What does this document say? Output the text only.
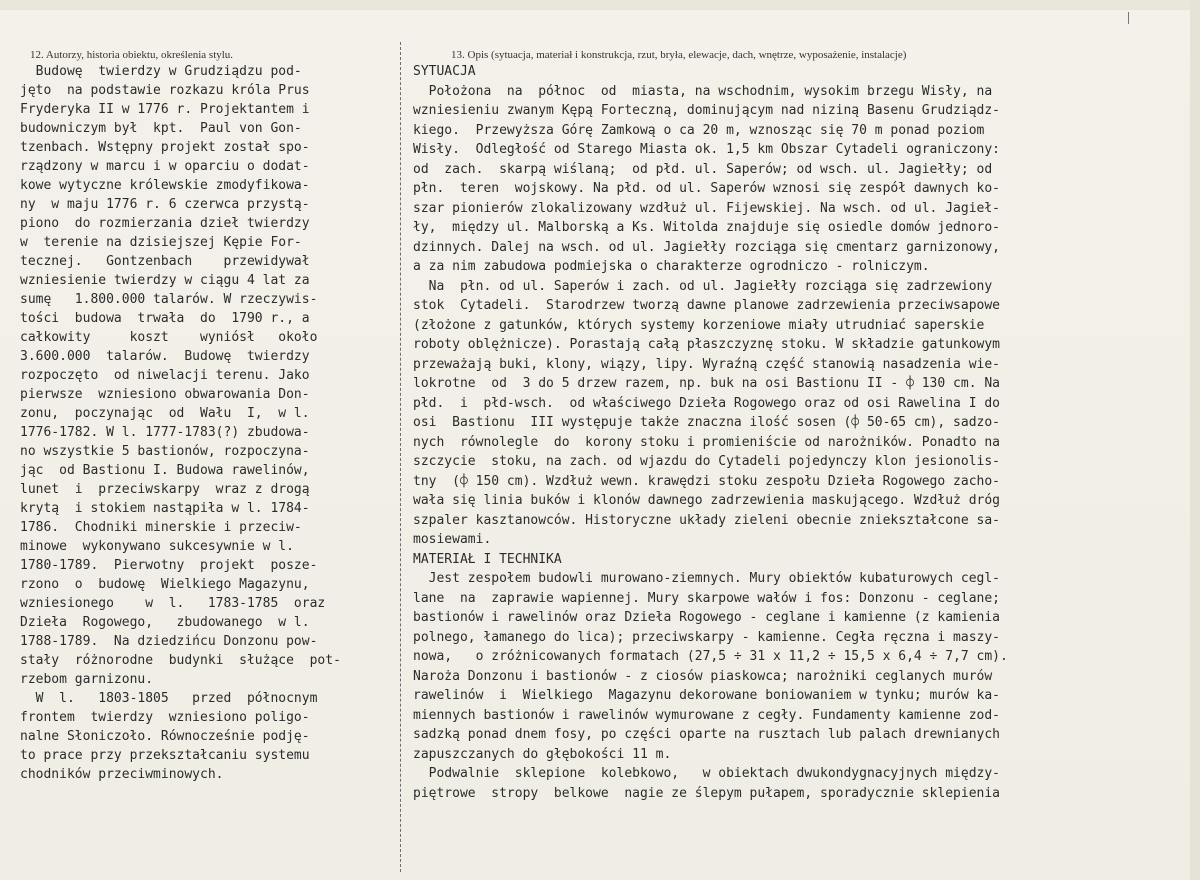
12. Autorzy, historia obiektu, określenia stylu.	13. Opis (sytuacja, materiał i konstrukcja, rzut, bryła, elewacje, dach, wnętrze, wyposażenie, instalacje)
Budowę  twierdzy w Grudziądzu pod-
jęto  na podstawie rozkazu króla Prus
Fryderyka II w 1776 r. Projektantem i
budowniczym był  kpt.  Paul von Gon-
tzenbach. Wstępny projekt został spo-
rządzony w marcu i w oparciu o dodat-
kowe wytyczne królewskie zmodyfikowa-
ny  w maju 1776 r. 6 czerwca przystą-
piono  do rozmierzania dzieł twierdzy
w  terenie na dzisiejszej Kępie For-
tecznej.   Gontzenbach    przewidywał
wzniesienie twierdzy w ciągu 4 lat za
sumę   1.800.000 talarów. W rzeczywis-
tości  budowa  trwała  do  1790 r., a
całkowity     koszt    wyniósł   około
3.600.000  talarów.  Budowę  twierdzy
rozpoczęto  od niwelacji terenu. Jako
pierwsze  wzniesiono obwarowania Don-
zonu,  poczynając  od  Wału  I,  w l.
1776-1782. W l. 1777-1783(?) zbudowa-
no wszystkie 5 bastionów, rozpoczyna-
jąc  od Bastionu I. Budowa rawelinów,
lunet  i  przeciwskarpy  wraz z drogą
krytą  i stokiem nastąpiła w l. 1784-
1786.  Chodniki minerskie i przeciw-
minowe  wykonywano sukcesywnie w l.
1780-1789.  Pierwotny  projekt  posze-
rzono  o  budowę  Wielkiego Magazynu,
wzniesionego    w  l.   1783-1785  oraz
Dzieła  Rogowego,   zbudowanego  w l.
1788-1789.  Na dziedzińcu Donzonu pow-
stały  różnorodne  budynki  służące  pot-
rzebom garnizonu.
W  l.   1803-1805   przed  północnym
frontem  twierdzy  wzniesiono poligo-
nalne Słoniczoło. Równocześnie podję-
to prace przy przekształcaniu systemu
chodników przeciwminowych.
SYTUACJA
Położona  na  północ  od  miasta, na wschodnim, wysokim brzegu Wisły, na
wzniesieniu zwanym Kępą Forteczną, dominującym nad niziną Basenu Grudziądz-
kiego.  Przewyższa Górę Zamkową o ca 20 m, wznosząc się 70 m ponad poziom
Wisły.  Odległość od Starego Miasta ok. 1,5 km Obszar Cytadeli ograniczony:
od  zach.  skarpą wiślaną;  od płd. ul. Saperów; od wsch. ul. Jagiełły; od
płn.  teren  wojskowy. Na płd. od ul. Saperów wznosi się zespół dawnych ko-
szar pionierów zlokalizowany wzdłuż ul. Fijewskiej. Na wsch. od ul. Jagieł-
ły,  między ul. Malborską a Ks. Witolda znajduje się osiedle domów jednoro-
dzinnych. Dalej na wsch. od ul. Jagiełły rozciąga się cmentarz garnizonowy,
a za nim zabudowa podmiejska o charakterze ogrodniczo - rolniczym.
Na  płn. od ul. Saperów i zach. od ul. Jagiełły rozciąga się zadrzewiony
stok  Cytadeli.  Starodrzew tworzą dawne planowe zadrzewienia przeciwsapowe
(złożone z gatunków, których systemy korzeniowe miały utrudniać saperskie
roboty oblężnicze). Porastają całą płaszczyznę stoku. W składzie gatunkowym
przeważają buki, klony, wiązy, lipy. Wyraźną część stanowią nasadzenia wie-
lokrotne  od  3 do 5 drzew razem, np. buk na osi Bastionu II - ⌽ 130 cm. Na
płd.  i  płd-wsch.  od właściwego Dzieła Rogowego oraz od osi Rawelina I do
osi  Bastionu  III występuje także znaczna ilość sosen (⌽ 50-65 cm), sadzo-
nych  równolegle  do  korony stoku i promieniście od narożników. Ponadto na
szczycie  stoku, na zach. od wjazdu do Cytadeli pojedynczy klon jesionolis-
tny  (⌽ 150 cm). Wzdłuż wewn. krawędzi stoku zespołu Dzieła Rogowego zacho-
wała się linia buków i klonów dawnego zadrzewienia maskującego. Wzdłuż dróg
szpaler kasztanowców. Historyczne układy zieleni obecnie zniekształcone sa-
mosiewami.
MATERIAŁ I TECHNIKA
Jest zespołem budowli murowano-ziemnych. Mury obiektów kubaturowych cegl-
lane  na  zaprawie wapiennej. Mury skarpowe wałów i fos: Donzonu - ceglane;
bastionów i rawelinów oraz Dzieła Rogowego - ceglane i kamienne (z kamienia
polnego, łamanego do lica); przeciwskarpy - kamienne. Cegła ręczna i maszy-
nowa,   o zróżnicowanych formatach (27,5 ÷ 31 x 11,2 ÷ 15,5 x 6,4 ÷ 7,7 cm).
Naroża Donzonu i bastionów - z ciosów piaskowca; narożniki ceglanych murów
rawelinów  i  Wielkiego  Magazynu dekorowane boniowaniem w tynku; murów ka-
miennych bastionów i rawelinów wymurowane z cegły. Fundamenty kamienne zod-
sadzką ponad dnem fosy, po części oparte na rusztach lub palach drewnianych
zapuszczanych do głębokości 11 m.
Podwalnie  sklepione  kolebkowo,   w obiektach dwukondygnacyjnych między-
piętrowe  stropy  belkowe  nagie ze ślepym pułapem, sporadycznie sklepienia
